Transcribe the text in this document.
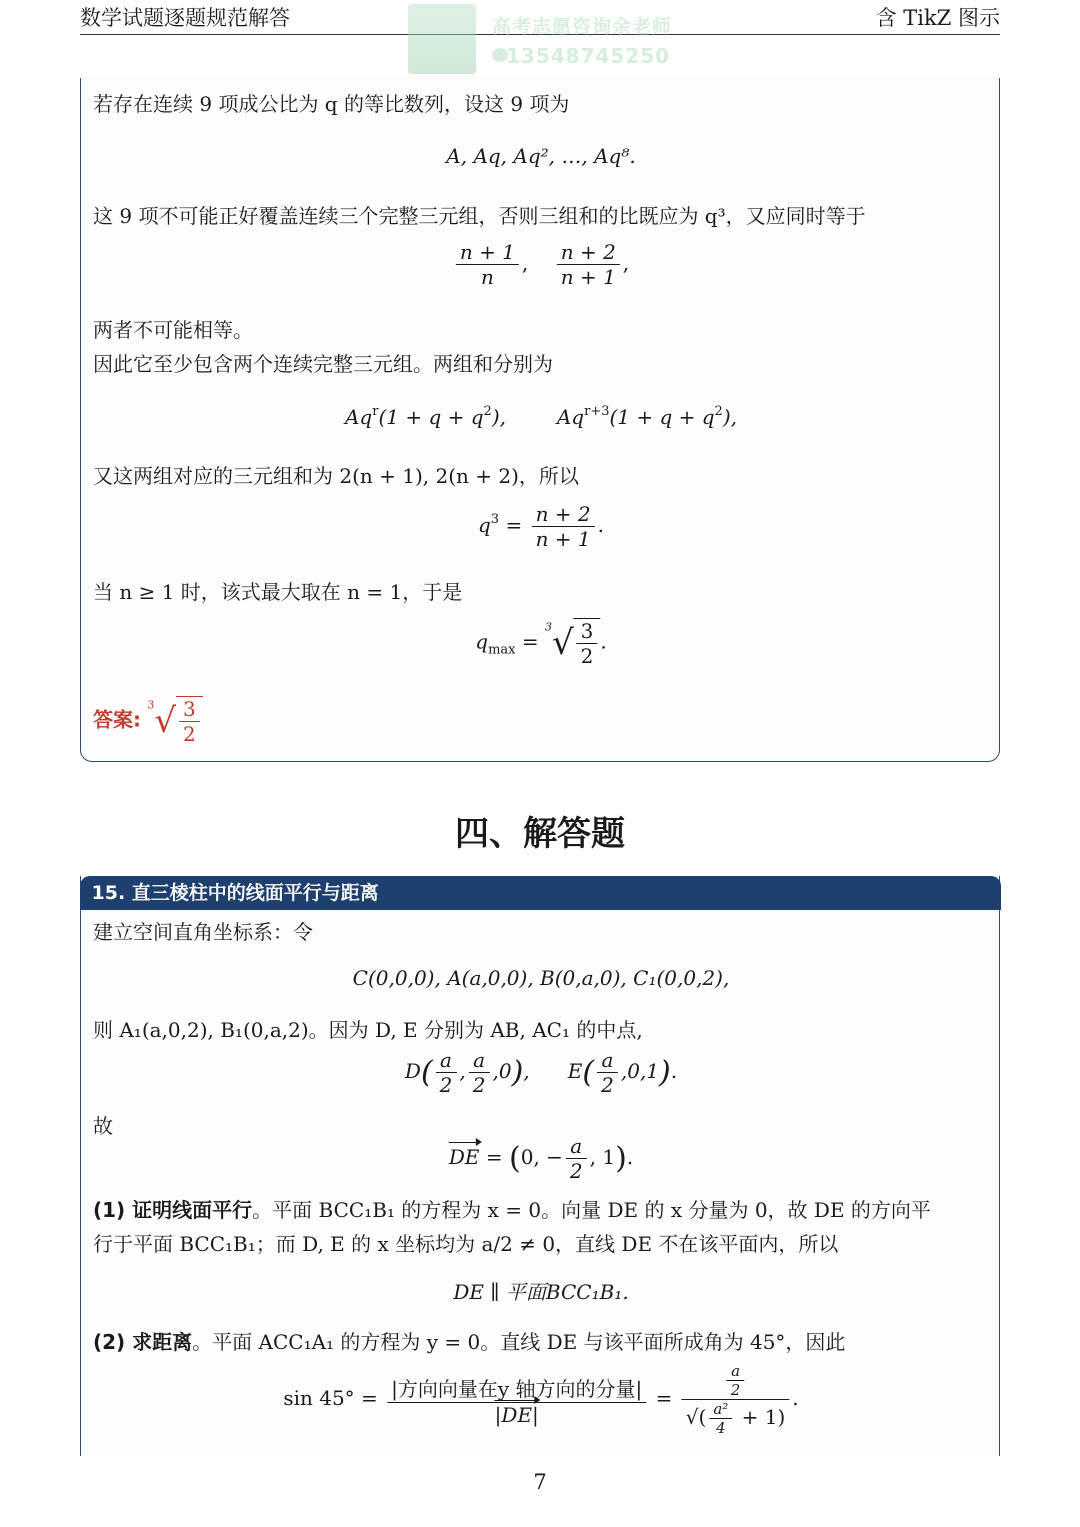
数学试题逐题规范解答	含 TikZ 图示
高考志愿咨询余老师
13548745250
若存在连续 9 项成公比为 q 的等比数列，设这 9 项为
A, Aq, Aq², …, Aq⁸.
这 9 项不可能正好覆盖连续三个完整三元组，否则三组和的比既应为 q³，又应同时等于
$\frac{n + 1}{n}$ , $\frac{n + 2}{n + 1}$ ,
两者不可能相等。
因此它至少包含两个连续完整三元组。两组和分别为
$Aq^r(1 + q + q^2)$,        $Aq^{r+3}(1 + q + q^2)$,
又这两组对应的三元组和为 2(n + 1), 2(n + 2)，所以
$q^3 = \frac{n + 2}{n + 1}$ .
当 n ≥ 1 时，该式最大取在 n = 1，于是
$q_{max} = ^3√ \frac{3}{2}$ .
答案: $^3√ \frac{3}{2}$
四、解答题
15. 直三棱柱中的线面平行与距离
建立空间直角坐标系：令
C(0,0,0), A(a,0,0), B(0,a,0), C₁(0,0,2),
则 A₁(a,0,2), B₁(0,a,2)。因为 D, E 分别为 AB, AC₁ 的中点,
$D( \frac{a}{2}$ , $\frac{a}{2} ,0$),      $E( \frac{a}{2} ,0,1)$.
故
DE = (0, − $\frac{a}{2}$ , 1).
(1) 证明线面平行。平面 BCC₁B₁ 的方程为 x = 0。向量 DE 的 x 分量为 0，故 DE 的方向平
行于平面 BCC₁B₁；而 D, E 的 x 坐标均为 a/2 ≠ 0，直线 DE 不在该平面内，所以
DE ∥ 平面BCC₁B₁.
(2) 求距离。平面 ACC₁A₁ 的方程为 y = 0。直线 DE 与该平面所成角为 45°，因此
$\sin 45^\circ = \frac{\text{|方向向量在y 轴方向的分量|}}{|DE|} = \frac{\frac{a}{2}}{√( \frac{\text{a²}}{4} + 1)}$ .
7
